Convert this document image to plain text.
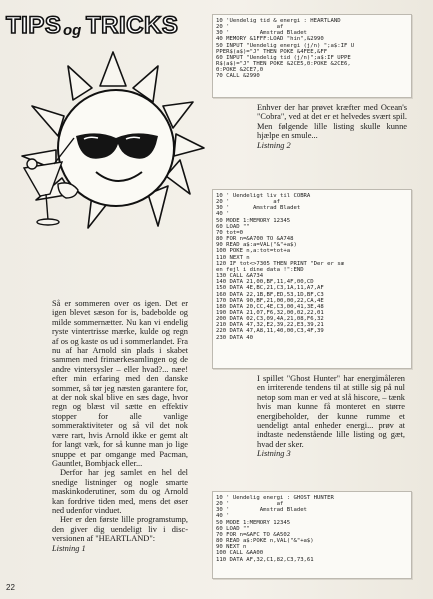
TIPS og TRICKS	10 'Uendelig tid & energi : HEARTLAND
20 '              af
30 '         Amstrad Bladet
40 MEMORY &1FFF:LOAD "hin",&2990
50 INPUT "Uendelig energi (j/n) ";a$:IF U
PPER$(a$)="J" THEN POKE &4FEE,&FF
60 INPUT "Uendelig tid (j/n)";a$:IF UPPE
R$(a$)="J" THEN POKE &2CE5,0:POKE &2CE6,
0:POKE &2CE7,0
70 CALL &2990

Enhver der har prøvet kræfter med Ocean's "Cobra", ved at det er et helvedes svært spil. Men følgende lille listing skulle kunne hjælpe en smule...

Listning 2

10 ' Uendeligt liv til COBRA
20 '             af
30 '       Amstrad Bladet
40 '
50 MODE 1:MEMORY 12345
60 LOAD ""
70 tot=0
80 FOR n=&A700 TO &A748
90 READ a$:a=VAL("&"+a$)
100 POKE n,a:tot=tot+a
110 NEXT n
120 IF tot<>7305 THEN PRINT "Der er sæ
en fejl i dine data !":END
130 CALL &A734
140 DATA 21,00,BF,11,4F,00,CD
150 DATA 4E,BC,21,C3,1A,11,A7,AF
160 DATA 22,1B,BF,ED,53,1D,BF,C3
170 DATA 90,BF,21,00,00,22,CA,4E
180 DATA 20,CC,4E,C3,00,41,3E,48
190 DATA 21,07,F6,32,00,02,22,01
200 DATA 02,C3,09,4A,21,08,F6,32
210 DATA 47,32,E2,39,22,E3,39,21
220 DATA 47,A8,11,40,00,C3,4F,39
230 DATA 40

I spillet "Ghost Hunter" har energimåleren en irriterende tendens til at stille sig på nul netop som man er ved at slå hiscore, – tænk hvis man kunne få monteret en større energibeholder, der kunne rumme et uendeligt antal enheder energi... prøv at indtaste nedenstående lille listing og gæt, hvad der sker.

Listning 3

10 ' Uendelig energi : GHOST HUNTER
20 '              af
30 '         Amstrad Bladet
40 '
50 MODE 1:MEMORY 12345
60 LOAD ""
70 FOR n=&AFC TO &A502
80 READ a$:POKE n,VAL("&"+a$)
90 NEXT n
100 CALL &AA00
110 DATA AF,32,C1,82,C3,73,61

Så er sommeren over os igen. Det er igen blevet sæson for is, badebolde og milde sommernætter. Nu kan vi endelig ryste vintertrisse mærke, kulde og regn af os og kaste os ud i sommerlandet. Fra nu af har Arnold sin plads i skabet sammen med frimærkesamlingen og de andre vintersysler – eller hvad?... næe! efter min erfaring med den danske sommer, så tør jeg næsten garantere for, at der nok skal blive en sæs dage, hvor regn og blæst vil sætte en effektiv stopper for alle vanlige sommeraktiviteter og så vil det nok være rart, hvis Arnold ikke er gemt alt for langt væk, for så kunne man jo lige snuppe et par omgange med Pacman, Gauntlet, Bombjack eller...

Derfor har jeg samlet en hel del snedige listninger og nogle smarte maskinkoderutiner, som du og Arnold kan fordrive tiden med, mens det øser ned udenfor vinduet.

Her er den første lille programstump, den giver dig uendeligt liv i disc-versionen af "HEARTLAND":

Listning 1

22
